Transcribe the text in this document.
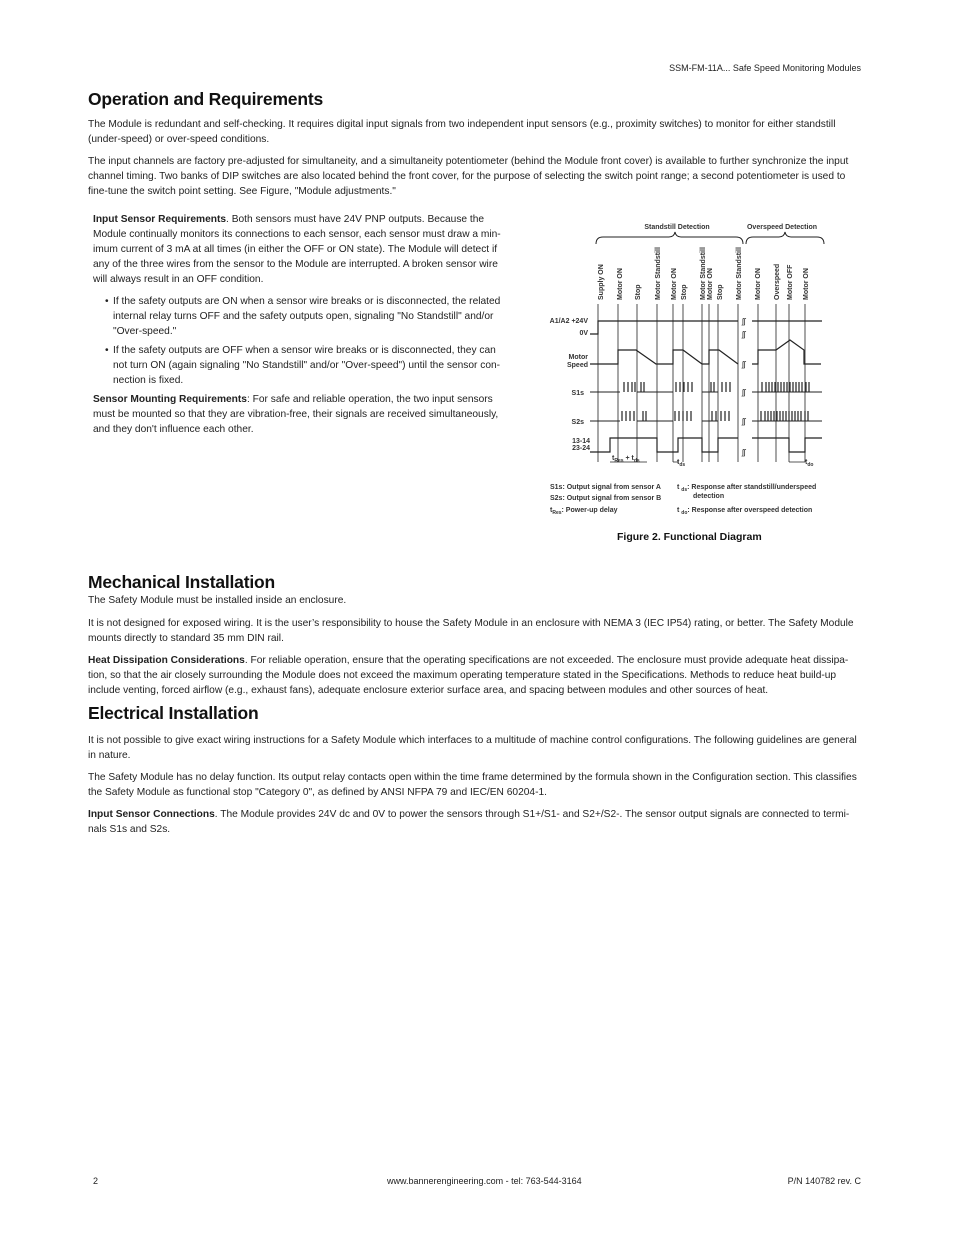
SSM-FM-11A... Safe Speed Monitoring Modules
Operation and Requirements

The Module is redundant and self-checking. It requires digital input signals from two independent input sensors (e.g., proximity switches) to monitor for either standstill (under-speed) or over-speed conditions.

The input channels are factory pre-adjusted for simultaneity, and a simultaneity potentiometer (behind the Module front cover) is available to further synchronize the input channel timing. Two banks of DIP switches are also located behind the front cover, for the purpose of selecting the switch point range; a second potentiometer is used to fine-tune the switch point setting. See Figure, "Module adjustments."

Input Sensor Requirements. Both sensors must have 24V PNP outputs. Because the Module continually monitors its connections to each sensor, each sensor must draw a min-imum current of 3 mA at all times (in either the OFF or ON state). The Module will detect if any of the three wires from the sensor to the Module are interrupted. A broken sensor wire will always result in an OFF condition.

• If the safety outputs are ON when a sensor wire breaks or is disconnected, the related internal relay turns OFF and the safety outputs open, signaling "No Standstill" and/or "Over-speed."
• If the safety outputs are OFF when a sensor wire breaks or is disconnected, they can not turn ON (again signaling "No Standstill" and/or "Over-speed") until the sensor con-nection is fixed.

Sensor Mounting Requirements: For safe and reliable operation, the two input sensors must be mounted so that they are vibration-free, their signals are received simultaneously, and they don't influence each other.

ʃʃ
ʃʃ
ʃʃ
ʃʃ
ʃʃ
ʃʃ
Standstill Detection	Overspeed Detection
Supply ON Motor ON Stop Motor Standstill Motor ON Stop Motor Standstill Motor ON Stop Motor Standstill Motor ON Overspeed Motor OFF Motor ON
A1/A2 +24V
0V
Motor
Speed
S1s
S2s
13-14
23-24
$t_{Res} + t_{ds}$	$t_{ds}$	$t_{do}$
S1s: Output signal from sensor A
S2s: Output signal from sensor B
$t_{Res}$: Power-up delay
t $_{ds}$: Response after standstill/underspeed
detection
t $_{do}$: Response after overspeed detection
Figure 2. Functional Diagram
Mechanical Installation

The Safety Module must be installed inside an enclosure.

It is not designed for exposed wiring. It is the user’s responsibility to house the Safety Module in an enclosure with NEMA 3 (IEC IP54) rating, or better. The Safety Module mounts directly to standard 35 mm DIN rail.

Heat Dissipation Considerations. For reliable operation, ensure that the operating specifications are not exceeded. The enclosure must provide adequate heat dissipa-tion, so that the air closely surrounding the Module does not exceed the maximum operating temperature stated in the Specifications. Methods to reduce heat build-up include venting, forced airflow (e.g., exhaust fans), adequate enclosure exterior surface area, and spacing between modules and other sources of heat.

Electrical Installation

It is not possible to give exact wiring instructions for a Safety Module which interfaces to a multitude of machine control configurations. The following guidelines are general in nature.

The Safety Module has no delay function. Its output relay contacts open within the time frame determined by the formula shown in the Configuration section. This classifies the Safety Module as functional stop "Category 0", as defined by ANSI NFPA 79 and IEC/EN 60204-1.

Input Sensor Connections. The Module provides 24V dc and 0V to power the sensors through S1+/S1- and S2+/S2-. The sensor output signals are connected to termi-nals S1s and S2s.

2	www.bannerengineering.com - tel: 763-544-3164	P/N 140782 rev. C
